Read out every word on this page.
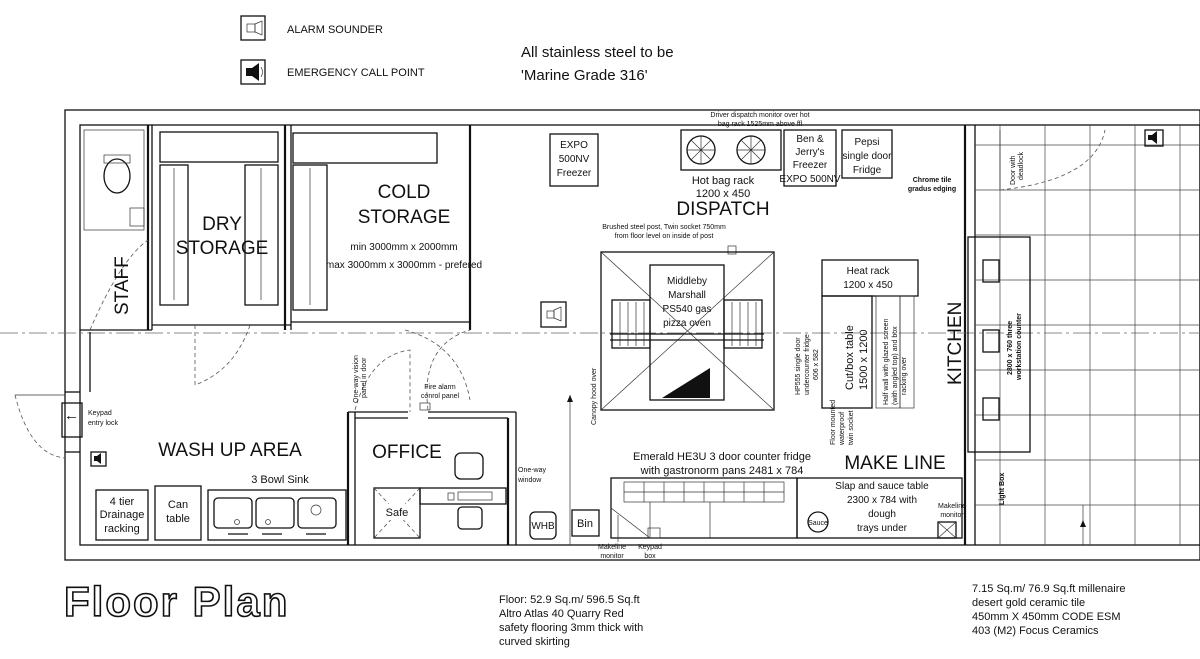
ALARM SOUNDER
EMERGENCY CALL POINT
All stainless steel to be
'Marine Grade 316'
STAFF
DRY
STORAGE
COLD
STORAGE
min 3000mm x 2000mm
max 3000mm x 3000mm - prefered
EXPO
500NV
Freezer
Driver dispatch monitor over hot
bag rack 1525mm above ffl
Hot bag rack
1200 x 450
Ben &
Jerry's
Freezer
EXPO 500NV
Pepsi
single door
Fridge
Chrome tile
gradus edging
DISPATCH
Brushed steel post, Twin socket 750mm
from floor level on inside of post
Middleby
Marshall
PS540 gas
pizza oven
Canopy hood over
Heat rack
1200 x 450
Cut/box table 1500 x 1200
HP555 single door undercounter fridge 606 x 582	Half wall with glazed screen (with angled top) and box racking over
Floor mounted waterproof twin socket
KITCHEN
Door with deadlock
2800 x 760 three workstation counter
Light Box
← Keypad
entry lock
WASH UP AREA
3 Bowl Sink
4 tier
Drainage
racking
Can
table
One-way vision panel in door	Fire alarm
conrol panel
OFFICE
Safe
One-way
window
WHB
Emerald HE3U 3 door counter fridge
with gastronorm pans 2481 x 784 MAKE LINE
Bin	Sauce
Slap and sauce table
2300 x 784 with
dough
trays under
Makeline
monitor
Makeline
monitor
Keypad
box
Floor Plan	Floor: 52.9 Sq.m/ 596.5 Sq.ft
Altro Atlas 40 Quarry Red
safety flooring 3mm thick with
curved skirting
7.15 Sq.m/ 76.9 Sq.ft millenaire
desert gold ceramic tile
450mm X 450mm CODE ESM
403 (M2) Focus Ceramics
